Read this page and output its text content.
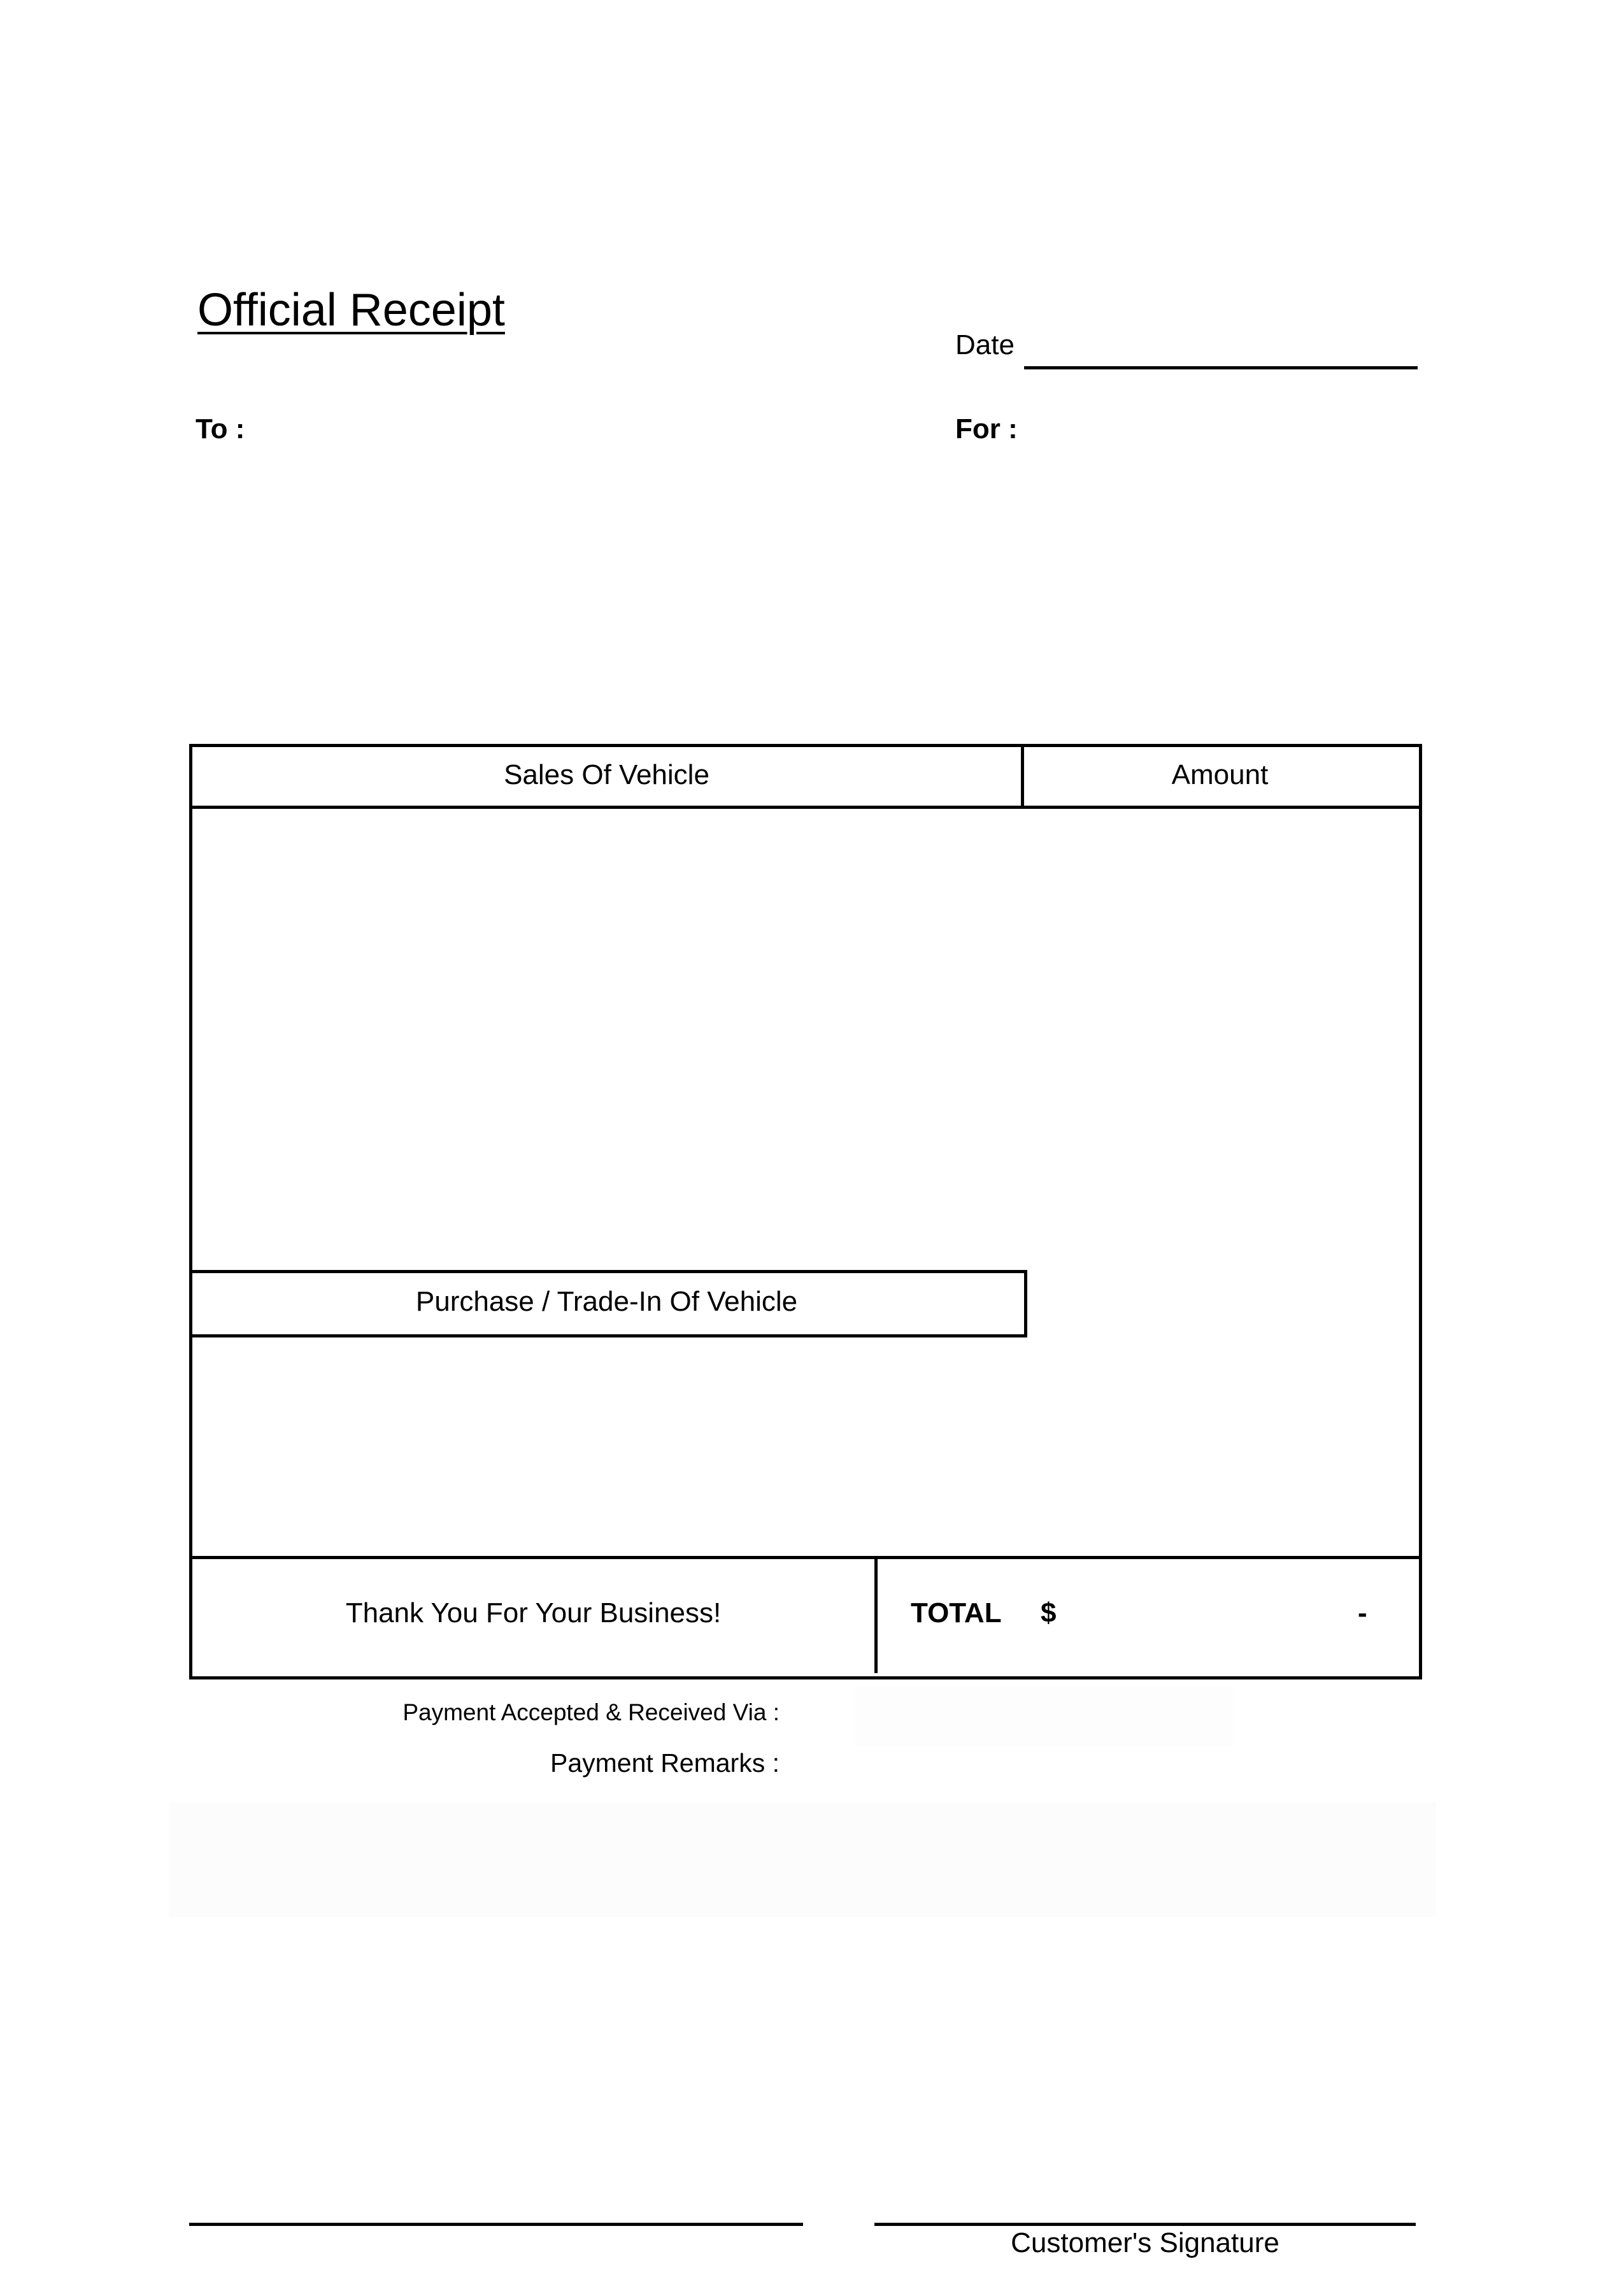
Official Receipt
Date
To :	For :
Sales Of Vehicle	Amount
Purchase / Trade-In Of Vehicle
Thank You For Your Business!	TOTAL $	-
Payment Accepted & Received Via :
Payment Remarks :
Customer's Signature
